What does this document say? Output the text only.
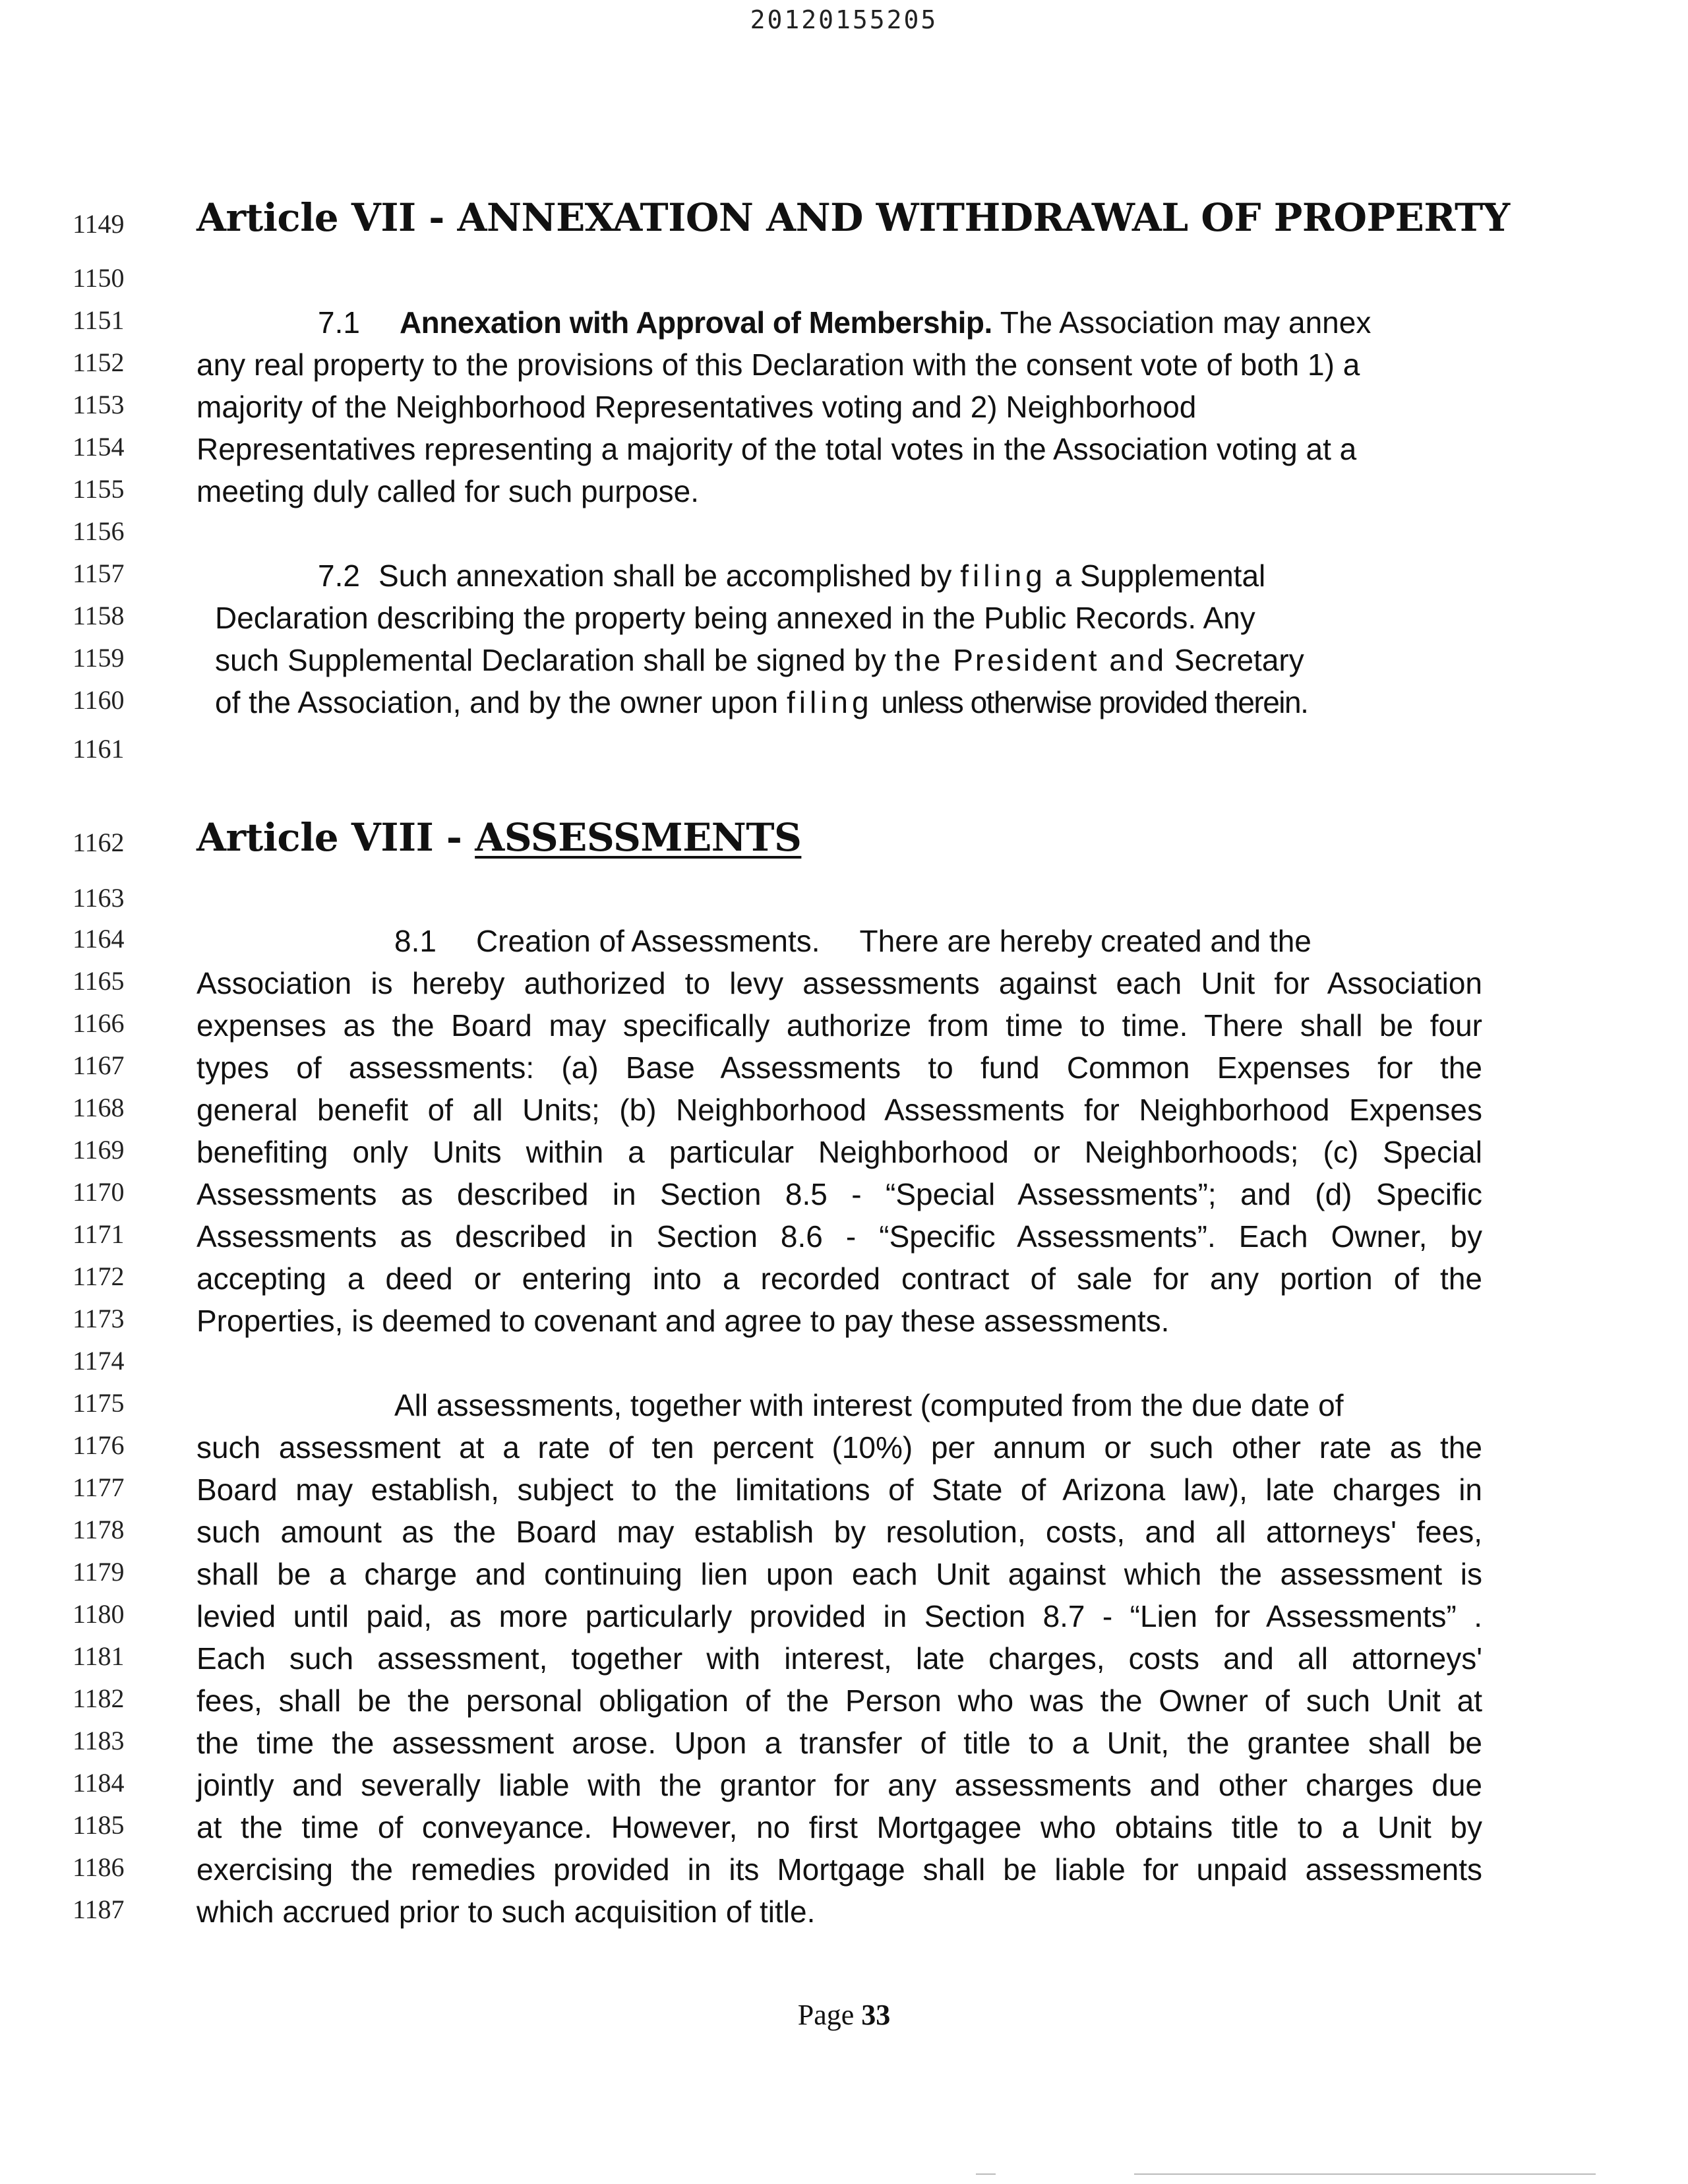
20120155205
1149	Article VII - ANNEXATION AND WITHDRAWAL OF PROPERTY
1150
1151	7.1 Annexation with Approval of Membership. The Association may annex
1152	any real property to the provisions of this Declaration with the consent vote of both 1) a
1153	majority of the Neighborhood Representatives voting and 2) Neighborhood
1154	Representatives representing a majority of the total votes in the Association voting at a
1155	meeting duly called for such purpose.
1156
1157	7.2 Such annexation shall be accomplished by filing a Supplemental
1158	Declaration describing the property being annexed in the Public Records. Any
1159	such Supplemental Declaration shall be signed by the President and Secretary
1160	of the Association, and by the owner upon filing unless otherwise provided therein.
1161
1162	Article VIII - ASSESSMENTS
1163
1164	8.1 Creation of Assessments. There are hereby created and the
1165	Association is hereby authorized to levy assessments against each Unit for Association
1166	expenses as the Board may specifically authorize from time to time. There shall be four
1167	types of assessments: (a) Base Assessments to fund Common Expenses for the
1168	general benefit of all Units; (b) Neighborhood Assessments for Neighborhood Expenses
1169	benefiting only Units within a particular Neighborhood or Neighborhoods; (c) Special
1170	Assessments as described in Section 8.5 - “Special Assessments”; and (d) Specific
1171	Assessments as described in Section 8.6 - “Specific Assessments”. Each Owner, by
1172	accepting a deed or entering into a recorded contract of sale for any portion of the
1173	Properties, is deemed to covenant and agree to pay these assessments.
1174
1175	All assessments, together with interest (computed from the due date of
1176	such assessment at a rate of ten percent (10%) per annum or such other rate as the
1177	Board may establish, subject to the limitations of State of Arizona law), late charges in
1178	such amount as the Board may establish by resolution, costs, and all attorneys' fees,
1179	shall be a charge and continuing lien upon each Unit against which the assessment is
1180	levied until paid, as more particularly provided in Section 8.7 - “Lien for Assessments” .
1181	Each such assessment, together with interest, late charges, costs and all attorneys'
1182	fees, shall be the personal obligation of the Person who was the Owner of such Unit at
1183	the time the assessment arose. Upon a transfer of title to a Unit, the grantee shall be
1184	jointly and severally liable with the grantor for any assessments and other charges due
1185	at the time of conveyance. However, no first Mortgagee who obtains title to a Unit by
1186	exercising the remedies provided in its Mortgage shall be liable for unpaid assessments
1187	which accrued prior to such acquisition of title.
Page 33
